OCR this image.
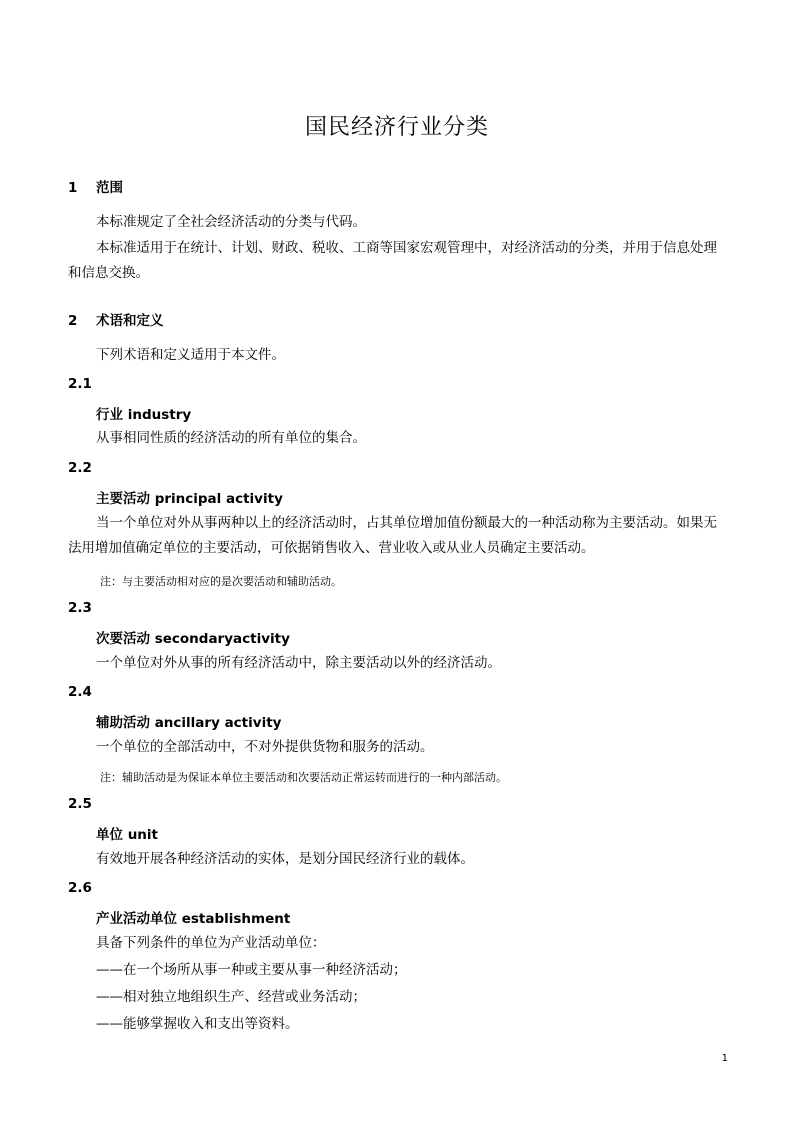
国民经济行业分类
1 范围
本标准规定了全社会经济活动的分类与代码。
本标准适用于在统计、计划、财政、税收、工商等国家宏观管理中，对经济活动的分类，并用于信息处理和信息交换。
2 术语和定义
下列术语和定义适用于本文件。
2.1
行业 industry
从事相同性质的经济活动的所有单位的集合。
2.2
主要活动 principal activity
当一个单位对外从事两种以上的经济活动时，占其单位增加值份额最大的一种活动称为主要活动。如果无法用增加值确定单位的主要活动，可依据销售收入、营业收入或从业人员确定主要活动。
注：与主要活动相对应的是次要活动和辅助活动。
2.3
次要活动 secondaryactivity
一个单位对外从事的所有经济活动中，除主要活动以外的经济活动。
2.4
辅助活动 ancillary activity
一个单位的全部活动中，不对外提供货物和服务的活动。
注：辅助活动是为保证本单位主要活动和次要活动正常运转而进行的一种内部活动。
2.5
单位 unit
有效地开展各种经济活动的实体，是划分国民经济行业的载体。
2.6
产业活动单位 establishment
具备下列条件的单位为产业活动单位：
——在一个场所从事一种或主要从事一种经济活动；
——相对独立地组织生产、经营或业务活动；
——能够掌握收入和支出等资料。
1
